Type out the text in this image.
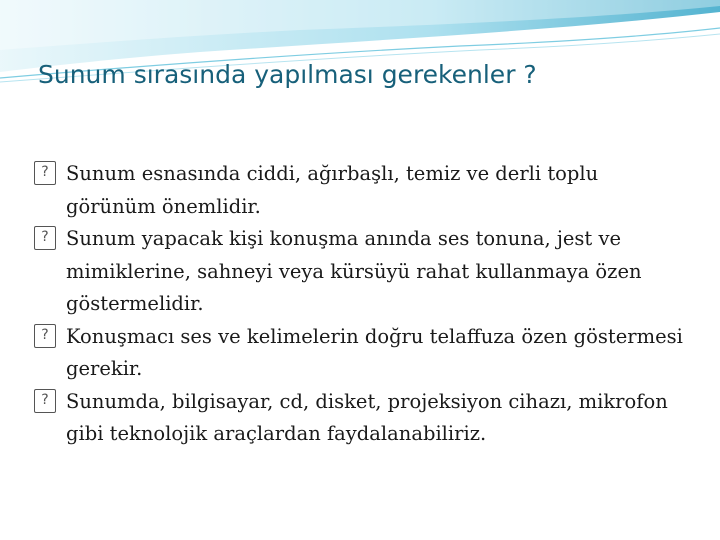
Sunum sırasında yapılması gerekenler ?
? Sunum esnasında ciddi, ağırbaşlı, temiz ve derli toplu görünüm önemlidir.
? Sunum yapacak kişi konuşma anında ses tonuna, jest ve mimiklerine, sahneyi veya kürsüyü rahat kullanmaya özen göstermelidir.
? Konuşmacı ses ve kelimelerin doğru telaffuza özen göstermesi gerekir.
? Sunumda, bilgisayar, cd, disket, projeksiyon cihazı, mikrofon gibi teknolojik araçlardan faydalanabiliriz.
